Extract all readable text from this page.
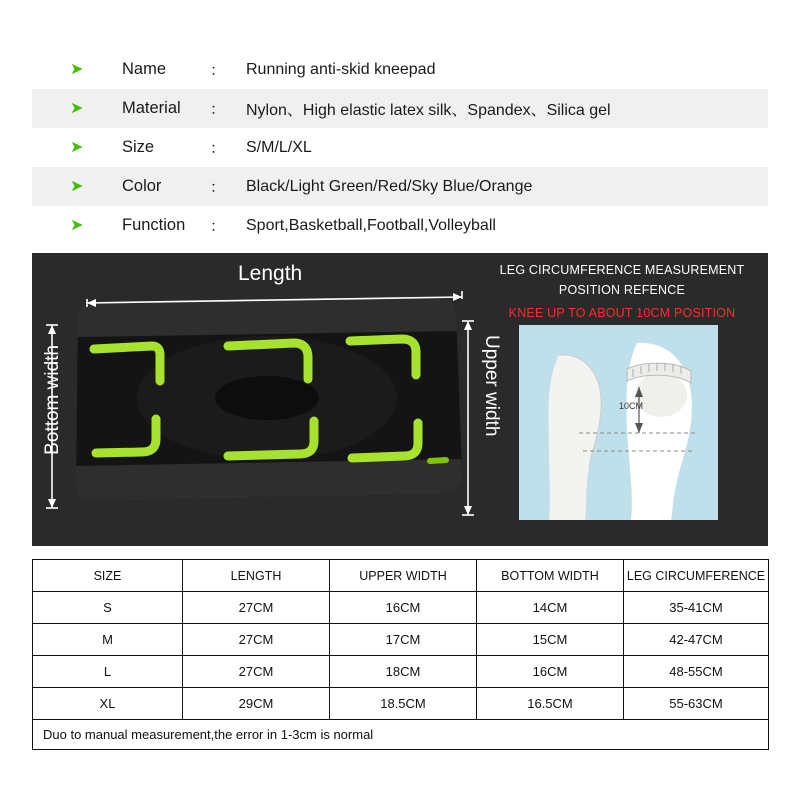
➤ Name	：	Running anti-skid kneepad
➤ Material	：	Nylon、High elastic latex silk、Spandex、Silica gel
➤ Size	：	S/M/L/XL
➤ Color	：	Black/Light Green/Red/Sky Blue/Orange
➤ Function	：	Sport,Basketball,Football,Volleyball
Length
Bottom width	Upper width
LEG CIRCUMFERENCE MEASUREMENT
POSITION REFENCE
KNEE UP TO ABOUT 10CM POSITION
10CM
SIZE	LENGTH	UPPER WIDTH	BOTTOM WIDTH	LEG CIRCUMFERENCE
S	27CM	16CM	14CM	35-41CM
M	27CM	17CM	15CM	42-47CM
L	27CM	18CM	16CM	48-55CM
XL	29CM	18.5CM	16.5CM	55-63CM
Duo to manual measurement,the error in 1-3cm is normal				
